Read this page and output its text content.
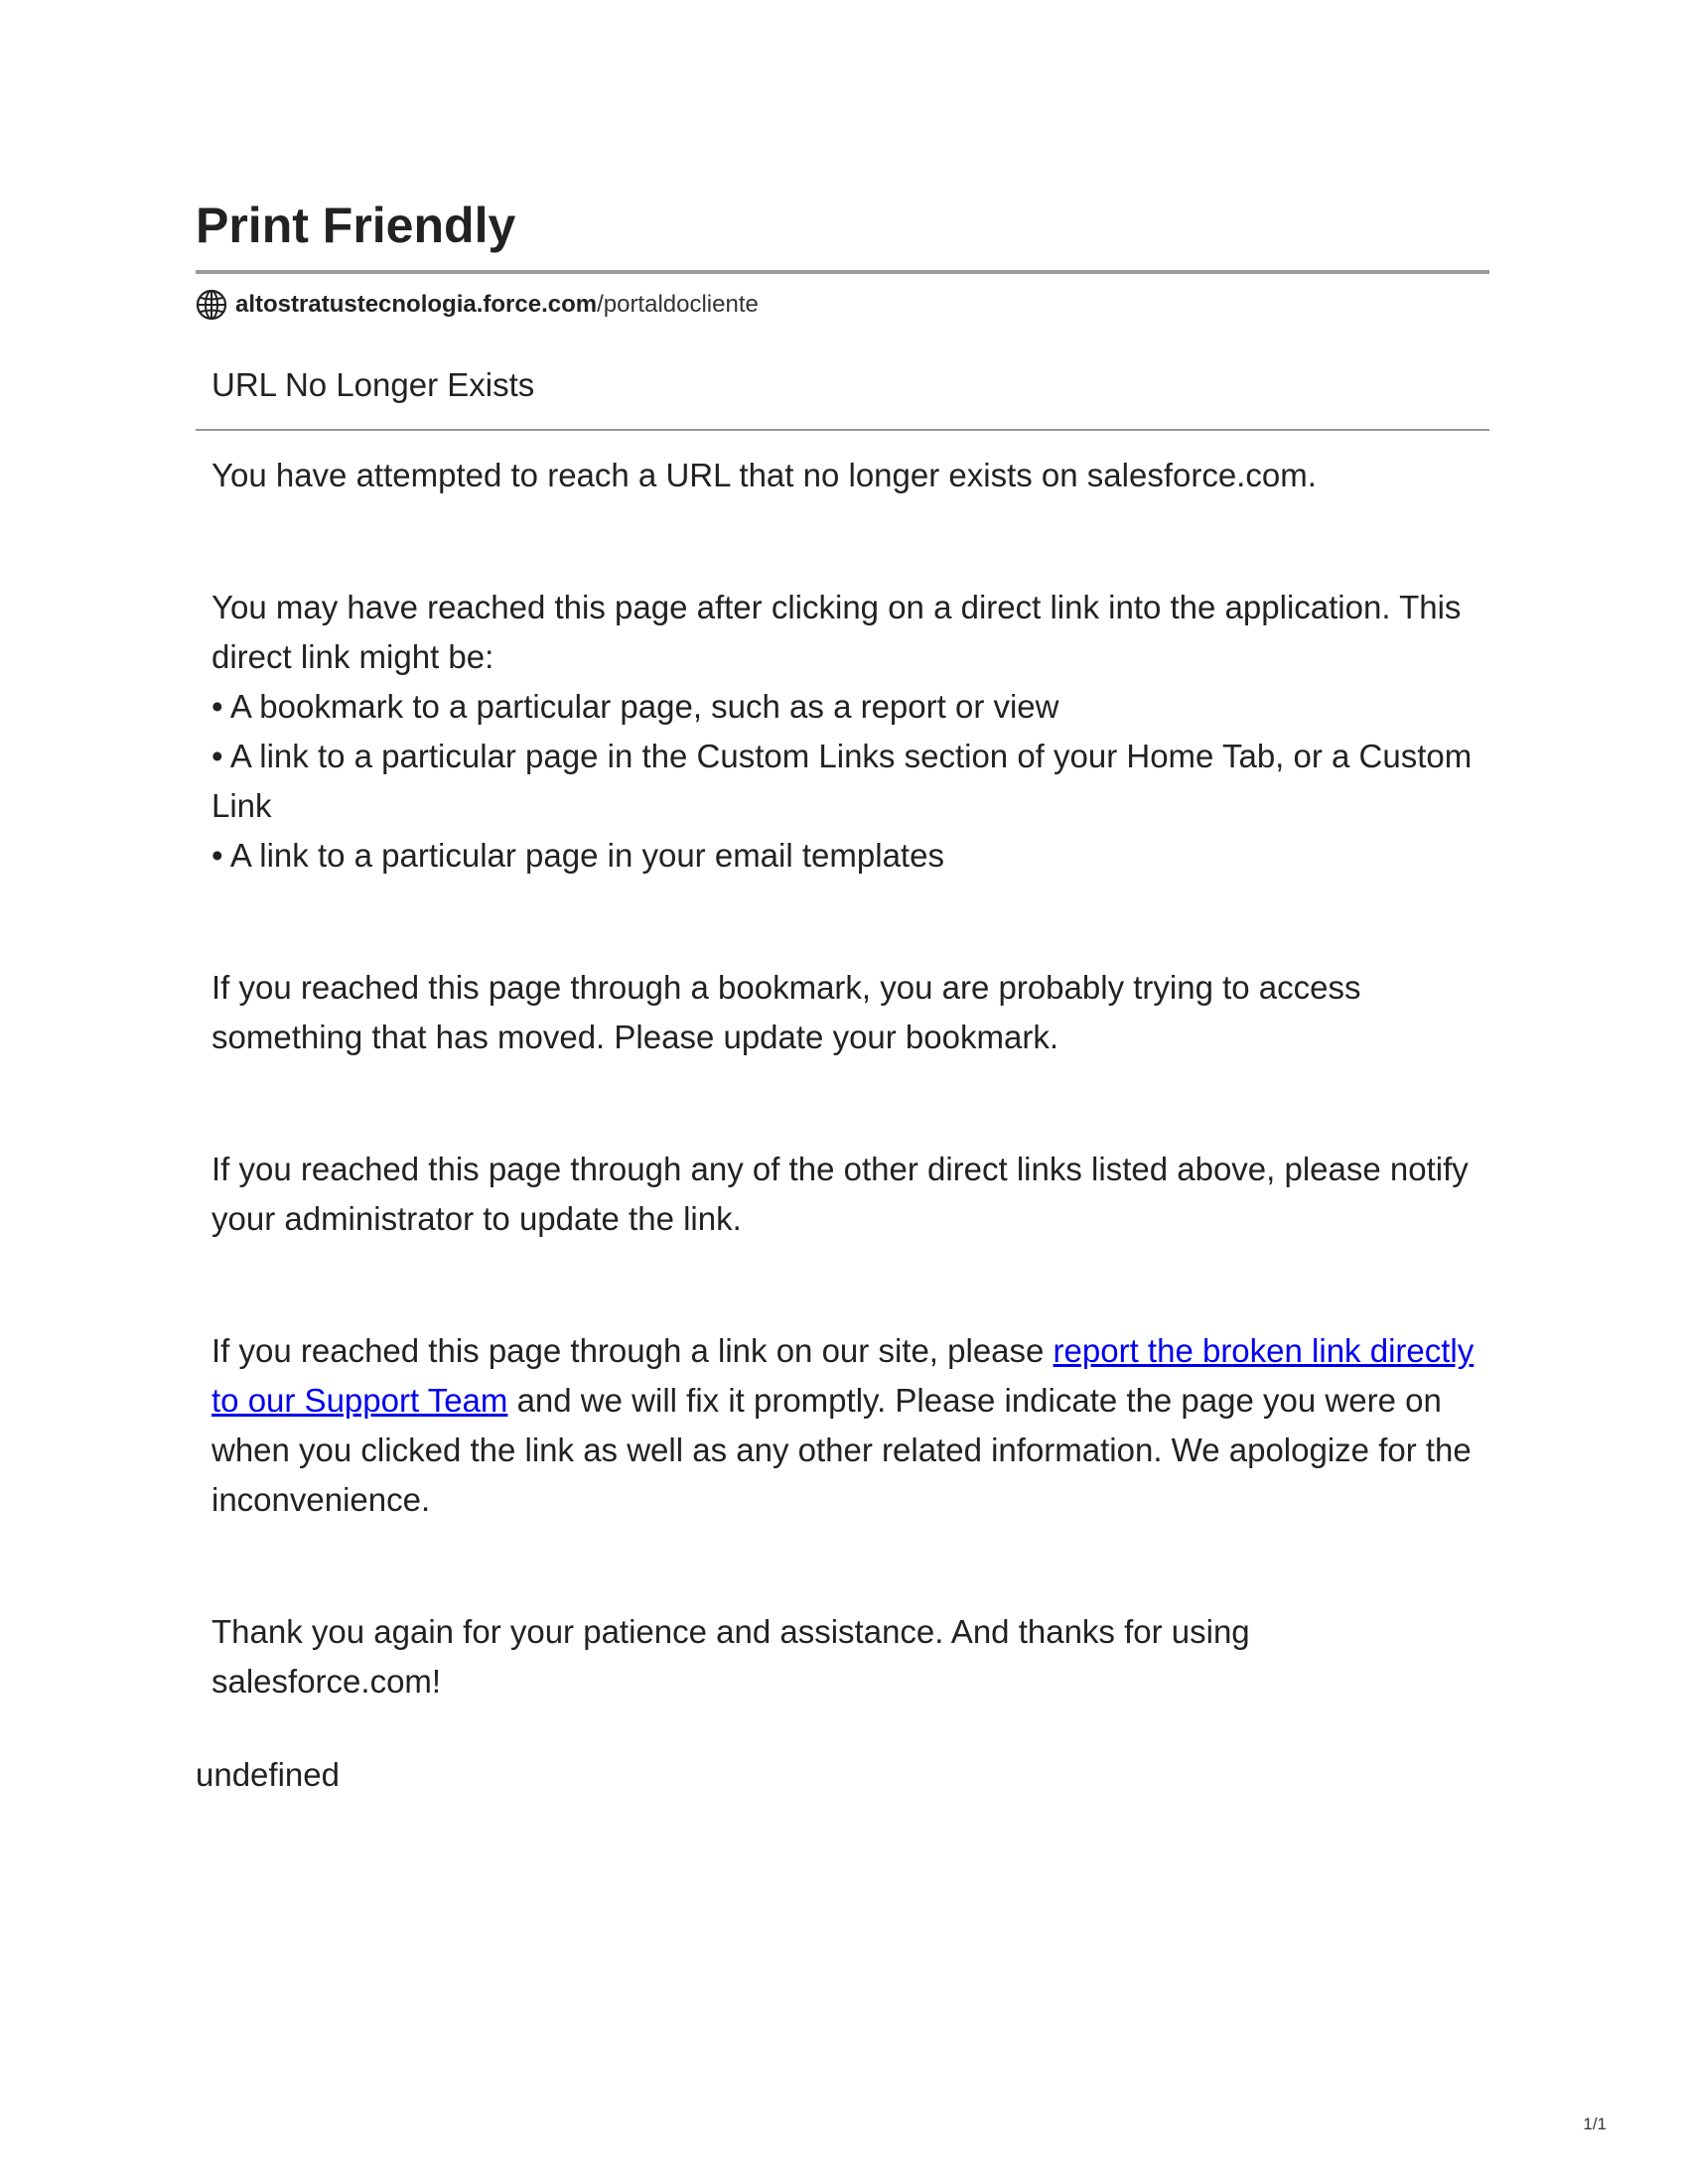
Print Friendly
altostratustecnologia.force.com /portaldocliente
URL No Longer Exists

You have attempted to reach a URL that no longer exists on salesforce.com.

You may have reached this page after clicking on a direct link into the application. This direct link might be:
• A bookmark to a particular page, such as a report or view
• A link to a particular page in the Custom Links section of your Home Tab, or a Custom Link
• A link to a particular page in your email templates

If you reached this page through a bookmark, you are probably trying to access something that has moved. Please update your bookmark.

If you reached this page through any of the other direct links listed above, please notify your administrator to update the link.

If you reached this page through a link on our site, please report the broken link directly to our Support Team and we will fix it promptly. Please indicate the page you were on when you clicked the link as well as any other related information. We apologize for the inconvenience.

Thank you again for your patience and assistance. And thanks for using salesforce.com!

undefined
1/1
